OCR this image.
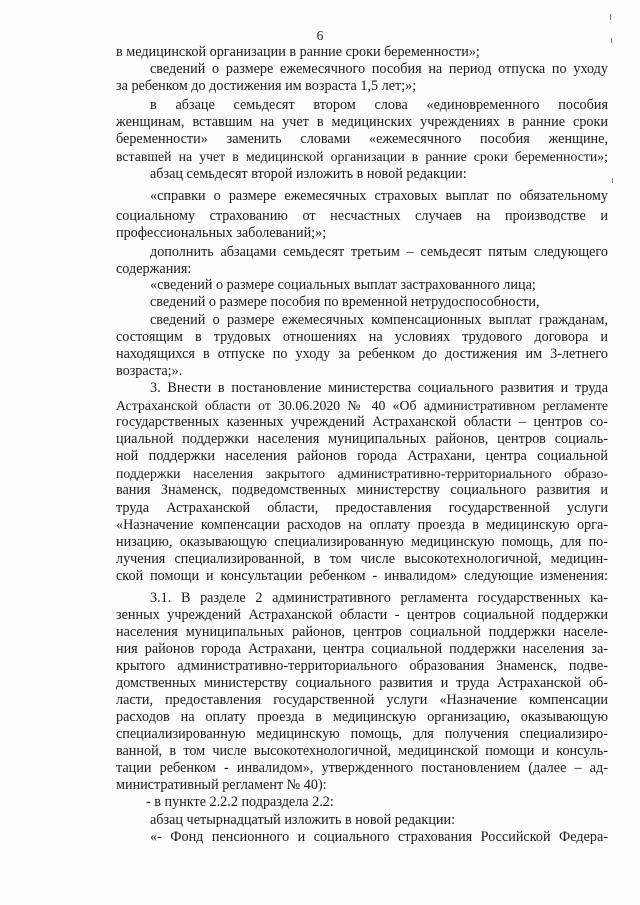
6
в медицинской организации в ранние сроки беременности»;
сведений о размере ежемесячного пособия на период отпуска по уходу
за ребенком до достижения им возраста 1,5 лет;»;
в абзаце семьдесят втором слова «единовременного пособия
женщинам, вставшим на учет в медицинских учреждениях в ранние сроки
беременности» заменить словами «ежемесячного пособия женщине,
вставшей на учет в медицинской организации в ранние сроки беременности»;
абзац семьдесят второй изложить в новой редакции:
«справки о размере ежемесячных страховых выплат по обязательному
социальному страхованию от несчастных случаев на производстве и
профессиональных заболеваний;»;
дополнить абзацами семьдесят третьим – семьдесят пятым следующего
содержания:
«сведений о размере социальных выплат застрахованного лица;
сведений о размере пособия по временной нетрудоспособности,
сведений о размере ежемесячных компенсационных выплат гражданам,
состоящим в трудовых отношениях на условиях трудового договора и
находящихся в отпуске по уходу за ребенком до достижения им 3-летнего
возраста;».
3. Внести в постановление министерства социального развития и труда
Астраханской области от 30.06.2020 № 40 «Об административном регламенте
государственных казенных учреждений Астраханской области – центров со-
циальной поддержки населения муниципальных районов, центров социаль-
ной поддержки населения районов города Астрахани, центра социальной
поддержки населения закрытого административно-территориального образо-
вания Знаменск, подведомственных министерству социального развития и
труда Астраханской области, предоставления государственной услуги
«Назначение компенсации расходов на оплату проезда в медицинскую орга-
низацию, оказывающую специализированную медицинскую помощь, для по-
лучения специализированной, в том числе высокотехнологичной, медицин-
ской помощи и консультации ребенком - инвалидом» следующие изменения:
3.1. В разделе 2 административного регламента государственных ка-
зенных учреждений Астраханской области - центров социальной поддержки
населения муниципальных районов, центров социальной поддержки населе-
ния районов города Астрахани, центра социальной поддержки населения за-
крытого административно-территориального образования Знаменск, подве-
домственных министерству социального развития и труда Астраханской об-
ласти, предоставления государственной услуги «Назначение компенсации
расходов на оплату проезда в медицинскую организацию, оказывающую
специализированную медицинскую помощь, для получения специализиро-
ванной, в том числе высокотехнологичной, медицинской помощи и консуль-
тации ребенком - инвалидом», утвержденного постановлением (далее – ад-
министративный регламент № 40):
- в пункте 2.2.2 подраздела 2.2:
абзац четырнадцатый изложить в новой редакции:
«- Фонд пенсионного и социального страхования Российской Федера-
